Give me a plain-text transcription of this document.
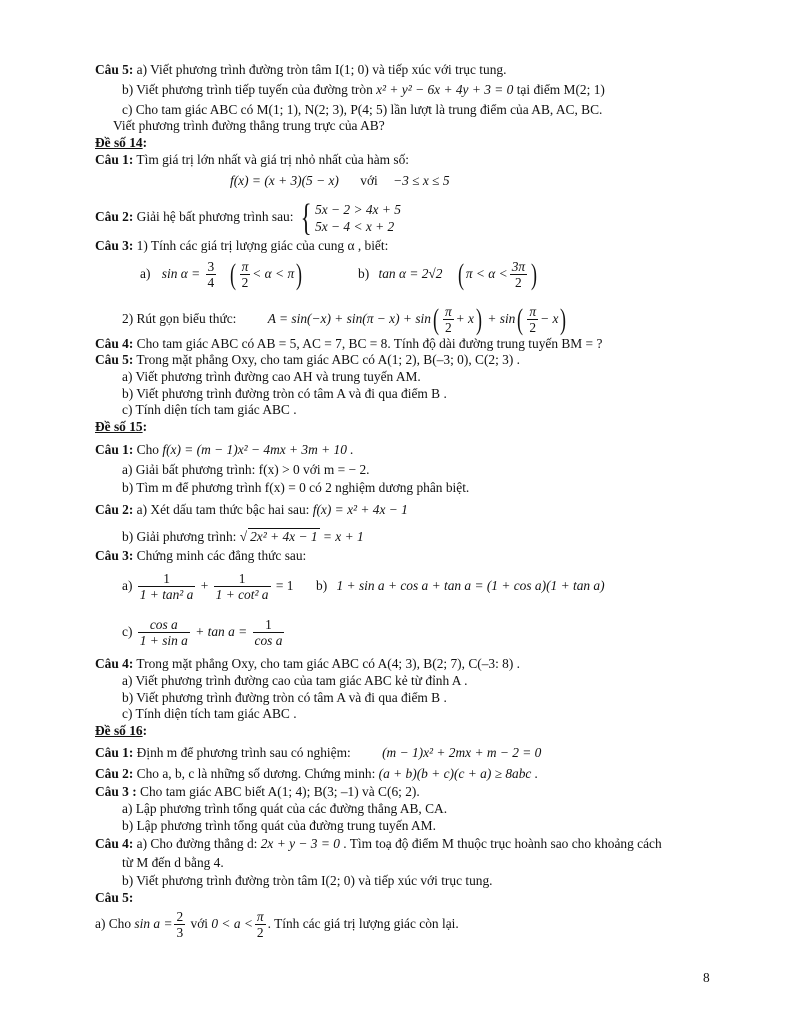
Câu 5: a) Viết phương trình đường tròn tâm I(1; 0) và tiếp xúc với trục tung.
b) Viết phương trình tiếp tuyến của đường tròn x² + y² − 6x + 4y + 3 = 0 tại điểm M(2; 1)
c) Cho tam giác ABC có M(1; 1), N(2; 3), P(4; 5) lần lượt là trung điểm của AB, AC, BC.
Viết phương trình đường thẳng trung trực của AB?
Đề số 14:
Câu 1: Tìm giá trị lớn nhất và giá trị nhỏ nhất của hàm số:
f(x) = (x + 3)(5 − x) với −3 ≤ x ≤ 5
Câu 2: Giải hệ bất phương trình sau: { 5x − 2 > 4x + 5
5x − 4 < x + 2
Câu 3: 1) Tính các giá trị lượng giác của cung α , biết:
a) $\sin \alpha = \frac{3}{4}$ ( $\frac{\pi}{2} < \alpha < \pi$)	b) tan α = 2√2 ( $\pi < \alpha < \frac{3\pi}{2}$ )
2) Rút gọn biểu thức: $A = \sin(-x) + \sin(\pi - x) + \sin( \frac{\pi}{2} + x) + \sin( \frac{\pi}{2} - x)$
Câu 4: Cho tam giác ABC có AB = 5, AC = 7, BC = 8. Tính độ dài đường trung tuyến BM = ?
Câu 5: Trong mặt phẳng Oxy, cho tam giác ABC có A(1; 2), B(–3; 0), C(2; 3) .
a) Viết phương trình đường cao AH và trung tuyến AM.
b) Viết phương trình đường tròn có tâm A và đi qua điểm B .
c) Tính diện tích tam giác ABC .
Đề số 15:
Câu 1: Cho f(x) = (m − 1)x² − 4mx + 3m + 10 .
a) Giải bất phương trình: f(x) > 0 với m = − 2.
b) Tìm m để phương trình f(x) = 0 có 2 nghiệm dương phân biệt.
Câu 2: a) Xét dấu tam thức bậc hai sau: f(x) = x² + 4x − 1
b) Giải phương trình: √ 2x² + 4x − 1 = x + 1
Câu 3: Chứng minh các đẳng thức sau:
$a) \frac{1}{\text{1 + tan² a}} + \frac{1}{\text{1 + cot² a}} = 1$ b) 1 + sin a + cos a + tan a = (1 + cos a)(1 + tan a)
$c) \frac{\text{cos a}}{\text{1 + sin a}} + \tan a = \frac{1}{\text{cos a}}$
Câu 4: Trong mặt phẳng Oxy, cho tam giác ABC có A(4; 3), B(2; 7), C(–3: 8) .
a) Viết phương trình đường cao của tam giác ABC kẻ từ đỉnh A .
b) Viết phương trình đường tròn có tâm A và đi qua điểm B .
c) Tính diện tích tam giác ABC .
Đề số 16:
Câu 1: Định m để phương trình sau có nghiệm: (m − 1)x² + 2mx + m − 2 = 0
Câu 2: Cho a, b, c là những số dương. Chứng minh: (a + b)(b + c)(c + a) ≥ 8abc .
Câu 3 : Cho tam giác ABC biết A(1; 4); B(3; –1) và C(6; 2).
a) Lập phương trình tổng quát của các đường thẳng AB, CA.
b) Lập phương trình tổng quát của đường trung tuyến AM.
Câu 4: a) Cho đường thẳng d: 2x + y − 3 = 0 . Tìm toạ độ điểm M thuộc trục hoành sao cho khoảng cách
từ M đến d bằng 4.
b) Viết phương trình đường tròn tâm I(2; 0) và tiếp xúc với trục tung.
Câu 5:
a) Cho $\sin a = \frac{2}{3}$ với $0 < a < \frac{\pi}{2}$ . Tính các giá trị lượng giác còn lại.
8
